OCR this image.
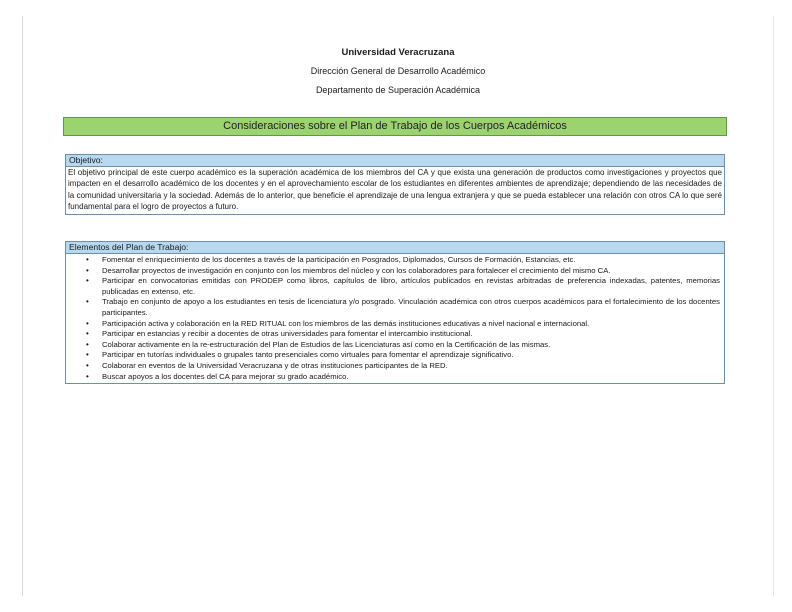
Universidad Veracruzana
Dirección General de Desarrollo Académico
Departamento de Superación Académica
Consideraciones sobre el Plan de Trabajo de los Cuerpos Académicos
Objetivo:
El objetivo principal de este cuerpo académico es la superación académica de los miembros del CA y que exista una generación de productos como investigaciones y proyectos que impacten en el desarrollo académico de los docentes y en el aprovechamiento escolar de los estudiantes en diferentes ambientes de aprendizaje; dependiendo de las necesidades de la comunidad universitaria y la sociedad. Además de lo anterior, que beneficie el aprendizaje de una lengua extranjera y que se pueda establecer una relación con otros CA lo que seré fundamental para el logro de proyectos a futuro.
Elementos del Plan de Trabajo:
• Fomentar el enriquecimiento de los docentes a través de la participación en Posgrados, Diplomados, Cursos de Formación, Estancias, etc.
• Desarrollar proyectos de investigación en conjunto con los miembros del núcleo y con los colaboradores para fortalecer el crecimiento del mismo CA.
• Participar en convocatorias emitidas con PRODEP como libros, capítulos de libro, artículos publicados en revistas arbitradas de preferencia indexadas, patentes, memorias publicadas en extenso, etc.
• Trabajo en conjunto de apoyo a los estudiantes en tesis de licenciatura y/o posgrado. Vinculación académica con otros cuerpos académicos para el fortalecimiento de los docentes participantes.
• Participación activa y colaboración en la RED RITUAL con los miembros de las demás instituciones educativas a nivel nacional e internacional.
• Participar en estancias y recibir a docentes de otras universidades para fomentar el intercambio institucional.
• Colaborar activamente en la re-estructuración del Plan de Estudios de las Licenciaturas así como en la Certificación de las mismas.
• Participar en tutorías individuales o grupales tanto presenciales como virtuales para fomentar el aprendizaje significativo.
• Colaborar en eventos de la Universidad Veracruzana y de otras instituciones participantes de la RED.
• Buscar apoyos a los docentes del CA para mejorar su grado académico.
